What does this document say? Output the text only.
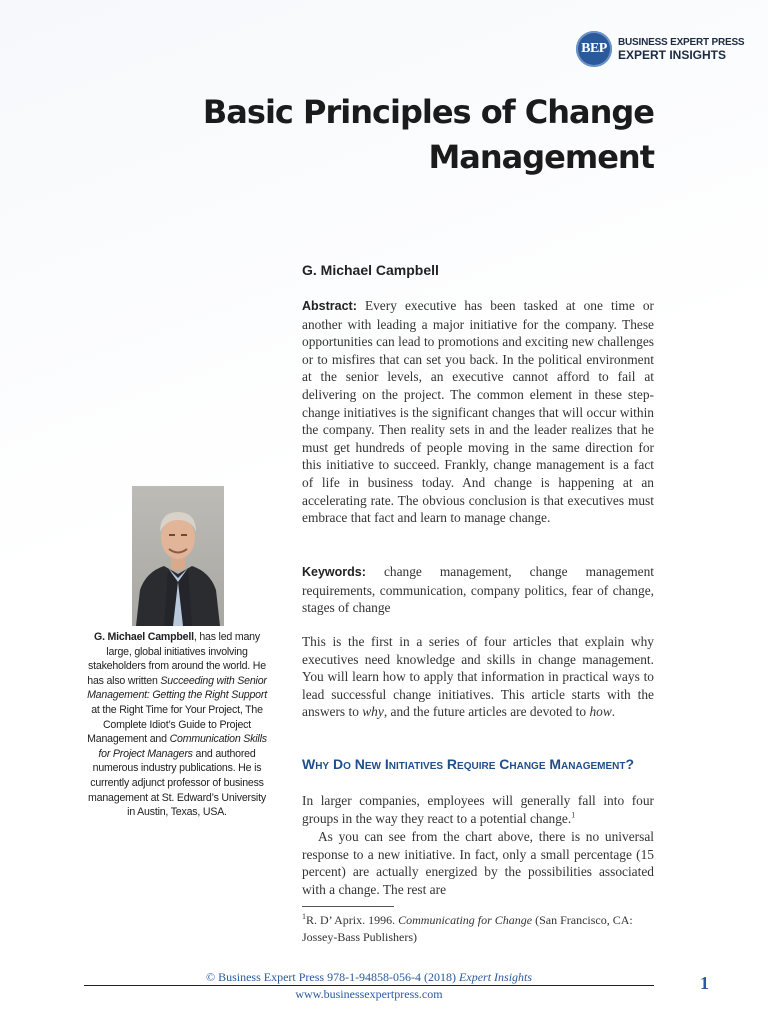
BEP BUSINESS EXPERT PRESS
EXPERT INSIGHTS
Basic Principles of Change
Management

G. Michael Campbell

Abstract: Every executive has been tasked at one time or another with leading a major initiative for the company. These opportunities can lead to promotions and exciting new challenges or to misfires that can set you back. In the political environment at the senior levels, an executive cannot afford to fail at delivering on the project. The common element in these step-change initiatives is the significant changes that will occur within the company. Then reality sets in and the leader realizes that he must get hundreds of people moving in the same direction for this initiative to succeed. Frankly, change management is a fact of life in business today. And change is happening at an accelerating rate. The obvious conclusion is that executives must embrace that fact and learn to manage change.

Keywords: change management, change management requirements, communication, company politics, fear of change, stages of change

This is the first in a series of four articles that explain why executives need knowledge and skills in change management. You will learn how to apply that information in practical ways to lead successful change initiatives. This article starts with the answers to why, and the future articles are devoted to how.

Why Do New Initiatives Require Change Management?

In larger companies, employees will generally fall into four groups in the way they react to a potential change.$^1$

As you can see from the chart above, there is no universal response to a new initiative. In fact, only a small percentage (15 percent) are actually energized by the possibilities associated with a change. The rest are

G. Michael Campbell, has led many large, global initiatives involving stakeholders from around the world. He has also written Succeeding with Senior Management: Getting the Right Support at the Right Time for Your Project, The Complete Idiot’s Guide to Project Management and Communication Skills for Project Managers and authored numerous industry publications. He is currently adjunct professor of business management at St. Edward’s University in Austin, Texas, USA.

$^1$R. D’ Aprix. 1996. Communicating for Change (San Francisco, CA: Jossey-Bass Publishers)

© Business Expert Press 978-1-94858-056-4 (2018) Expert Insights

www.businessexpertpress.com

1
